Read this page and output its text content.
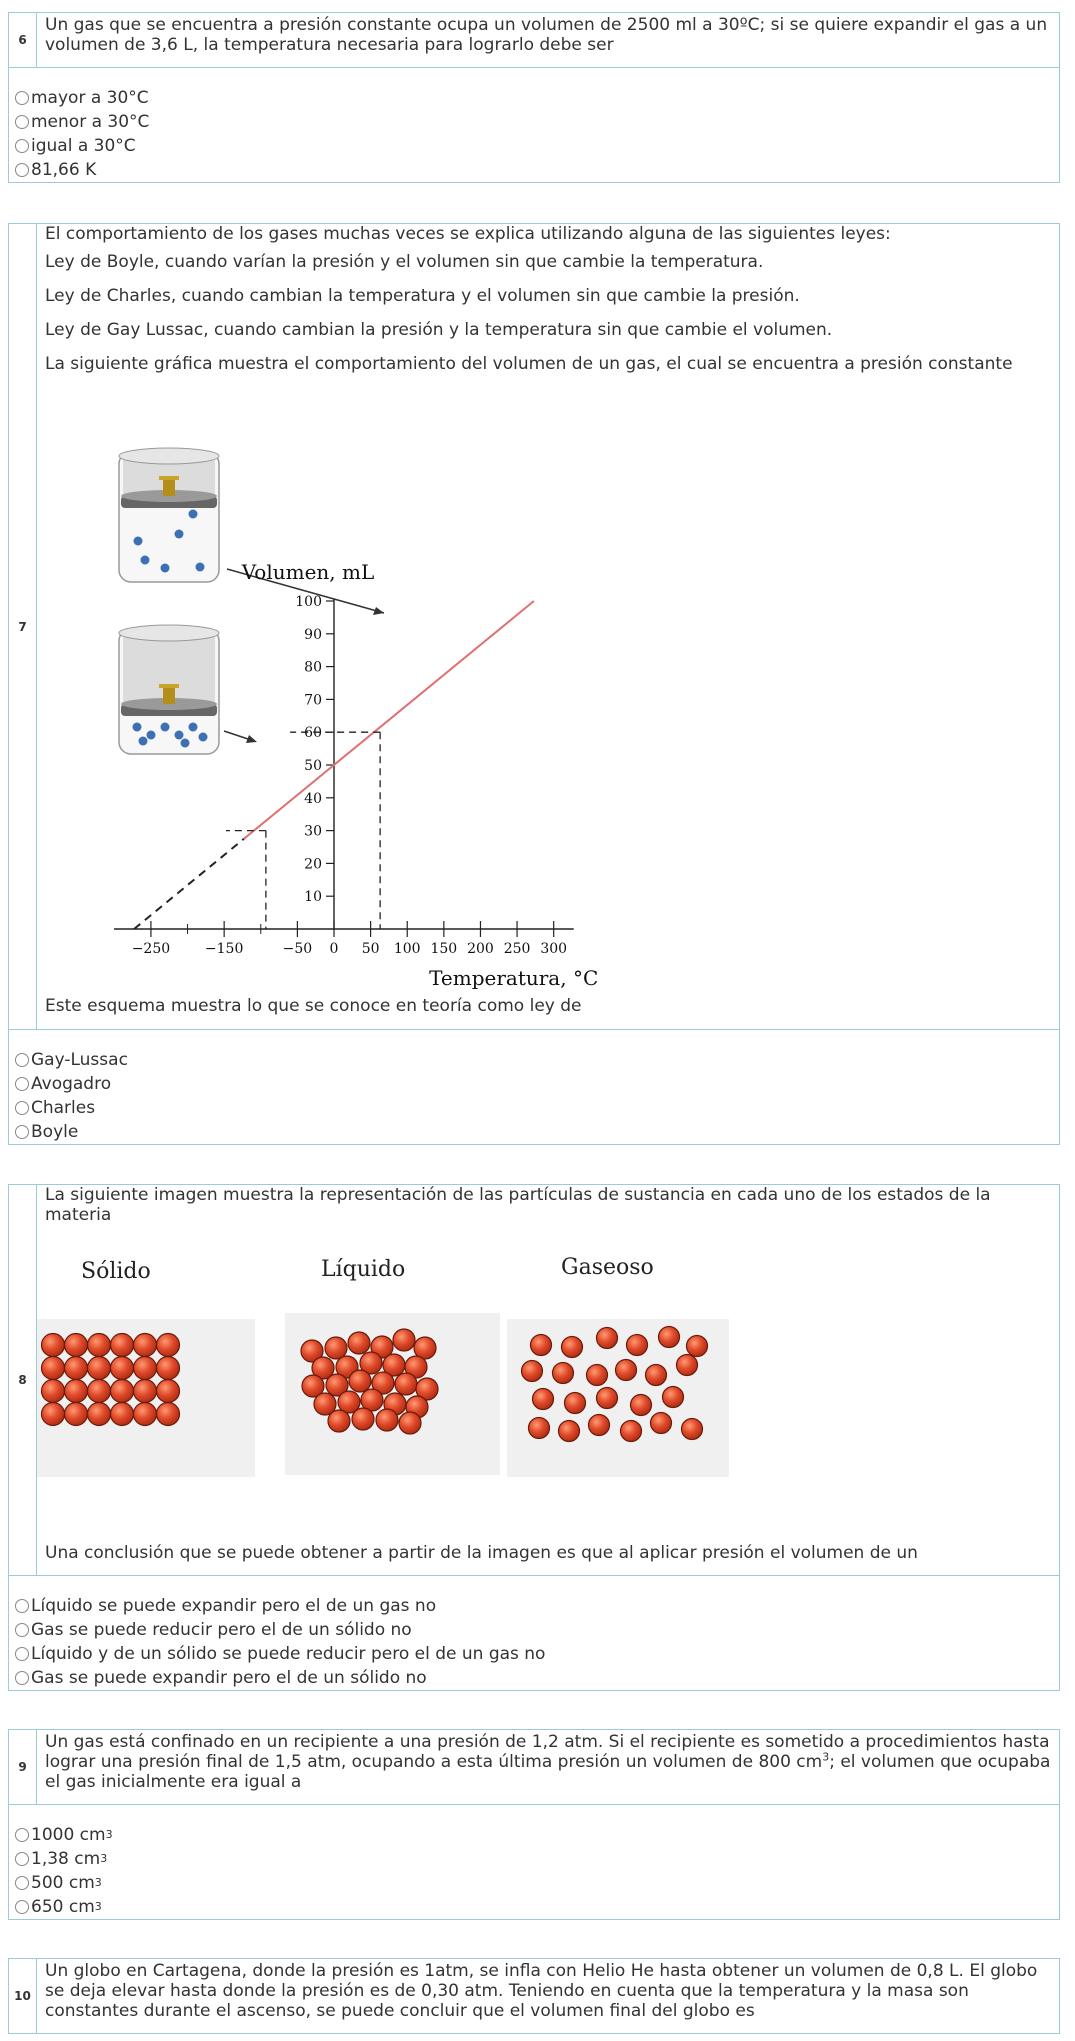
6
Un gas que se encuentra a presión constante ocupa un volumen de 2500 ml a 30ºC; si se quiere expandir el gas a un volumen de 3,6 L, la temperatura necesaria para lograrlo debe ser
mayor a 30°C
menor a 30°C
igual a 30°C
81,66 K
7

El comportamiento de los gases muchas veces se explica utilizando alguna de las siguientes leyes:

Ley de Boyle, cuando varían la presión y el volumen sin que cambie la temperatura.

Ley de Charles, cuando cambian la temperatura y el volumen sin que cambie la presión.

Ley de Gay Lussac, cuando cambian la presión y la temperatura sin que cambie el volumen.

La siguiente gráfica muestra el comportamiento del volumen de un gas, el cual se encuentra a presión constante

10
20
30
40
50
60
70
80
90
100
−250 −150	−50 0 50 100 150 200 250 300
Volumen, mL
Temperatura, °C
Este esquema muestra lo que se conoce en teoría como ley de
Gay-Lussac
Avogadro
Charles
Boyle
8
La siguiente imagen muestra la representación de las partículas de sustancia en cada uno de los estados de la materia
Sólido	Líquido	Gaseoso
Una conclusión que se puede obtener a partir de la imagen es que al aplicar presión el volumen de un
Líquido se puede expandir pero el de un gas no
Gas se puede reducir pero el de un sólido no
Líquido y de un sólido se puede reducir pero el de un gas no
Gas se puede expandir pero el de un sólido no
9
Un gas está confinado en un recipiente a una presión de 1,2 atm. Si el recipiente es sometido a procedimientos hasta lograr una presión final de 1,5 atm, ocupando a esta última presión un volumen de 800 $cm^3$; el volumen que ocupaba el gas inicialmente era igual a
1000
cm 3
1,38
cm 3
500
cm 3
650
cm 3
10
Un globo en Cartagena, donde la presión es 1atm, se infla con Helio He hasta obtener un volumen de 0,8 L. El globo se deja elevar hasta donde la presión es de 0,30 atm. Teniendo en cuenta que la temperatura y la masa son constantes durante el ascenso, se puede concluir que el volumen final del globo es
